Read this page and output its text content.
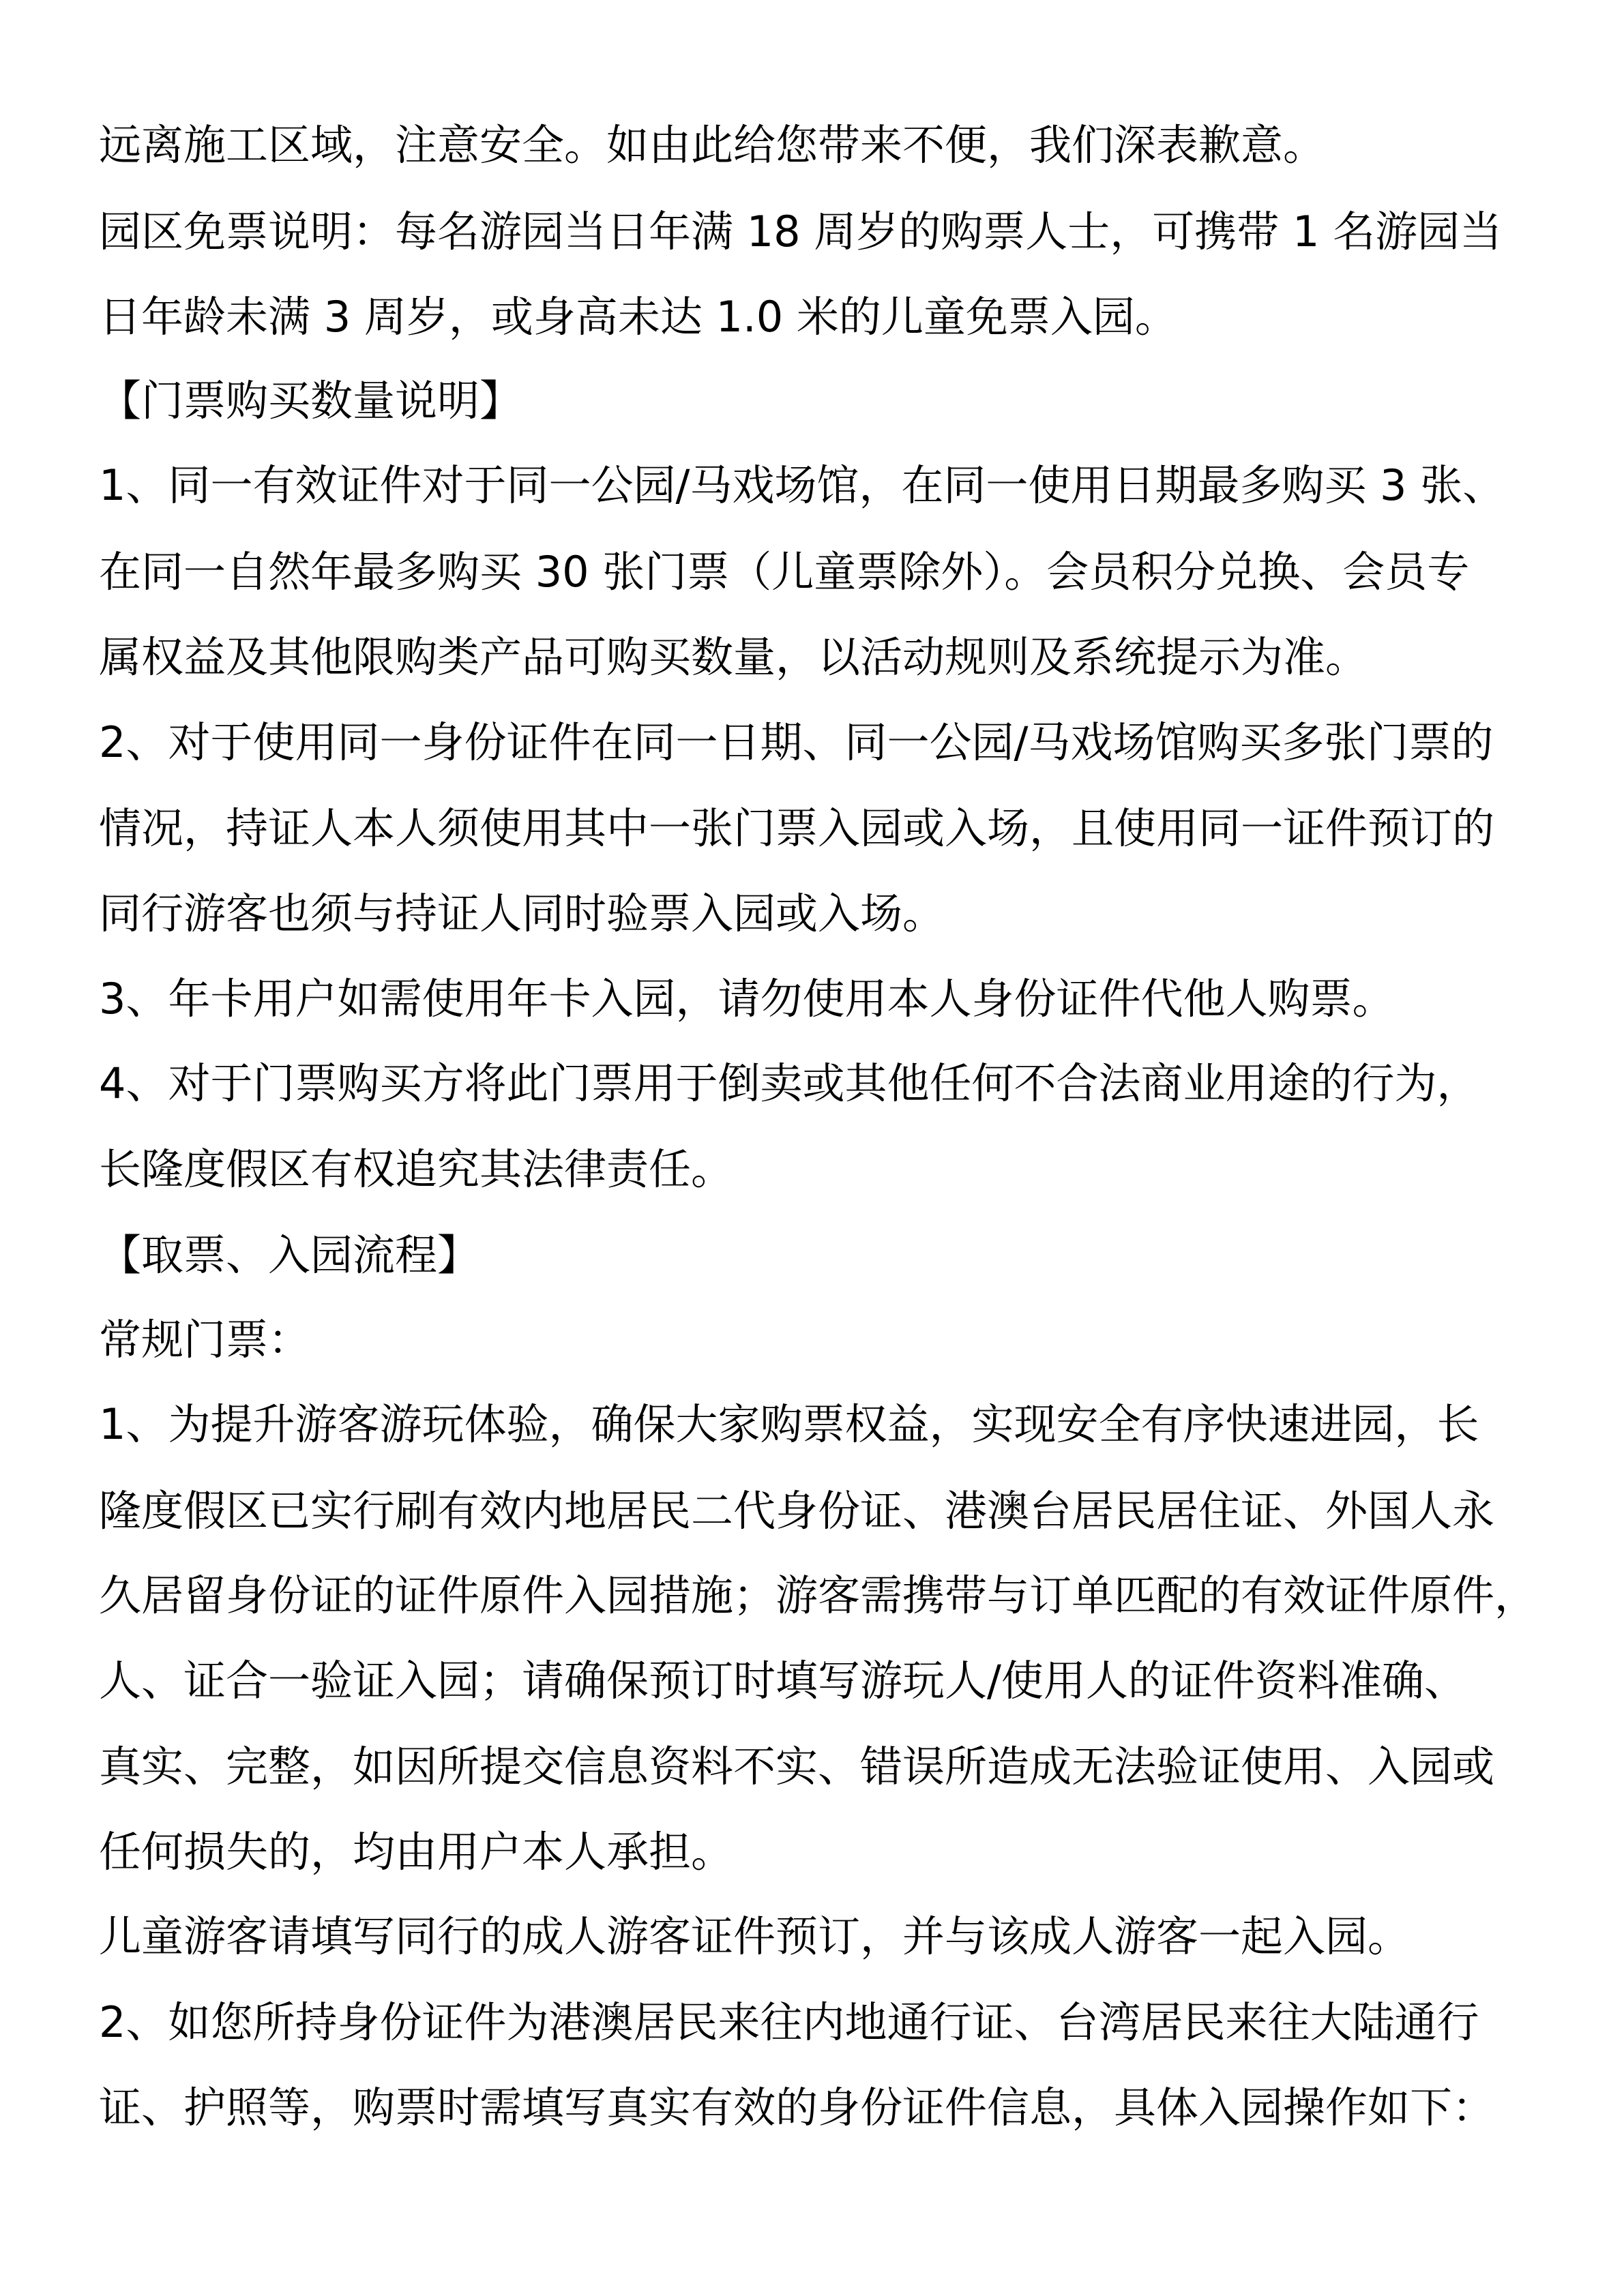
远离施工区域，注意安全。如由此给您带来不便，我们深表歉意。
园区免票说明：每名游园当日年满 18 周岁的购票人士，可携带 1 名游园当
日年龄未满 3 周岁，或身高未达 1.0 米的儿童免票入园。
【门票购买数量说明】
1、同一有效证件对于同一公园/马戏场馆，在同一使用日期最多购买 3 张、
在同一自然年最多购买 30 张门票（儿童票除外）。会员积分兑换、会员专
属权益及其他限购类产品可购买数量，以活动规则及系统提示为准。
2、对于使用同一身份证件在同一日期、同一公园/马戏场馆购买多张门票的
情况，持证人本人须使用其中一张门票入园或入场，且使用同一证件预订的
同行游客也须与持证人同时验票入园或入场。
3、年卡用户如需使用年卡入园，请勿使用本人身份证件代他人购票。
4、对于门票购买方将此门票用于倒卖或其他任何不合法商业用途的行为，
长隆度假区有权追究其法律责任。
【取票、入园流程】
常规门票：
1、为提升游客游玩体验，确保大家购票权益，实现安全有序快速进园，长
隆度假区已实行刷有效内地居民二代身份证、港澳台居民居住证、外国人永
久居留身份证的证件原件入园措施；游客需携带与订单匹配的有效证件原件，
人、证合一验证入园；请确保预订时填写游玩人/使用人的证件资料准确、
真实、完整，如因所提交信息资料不实、错误所造成无法验证使用、入园或
任何损失的，均由用户本人承担。
儿童游客请填写同行的成人游客证件预订，并与该成人游客一起入园。
2、如您所持身份证件为港澳居民来往内地通行证、台湾居民来往大陆通行
证、护照等，购票时需填写真实有效的身份证件信息，具体入园操作如下：
